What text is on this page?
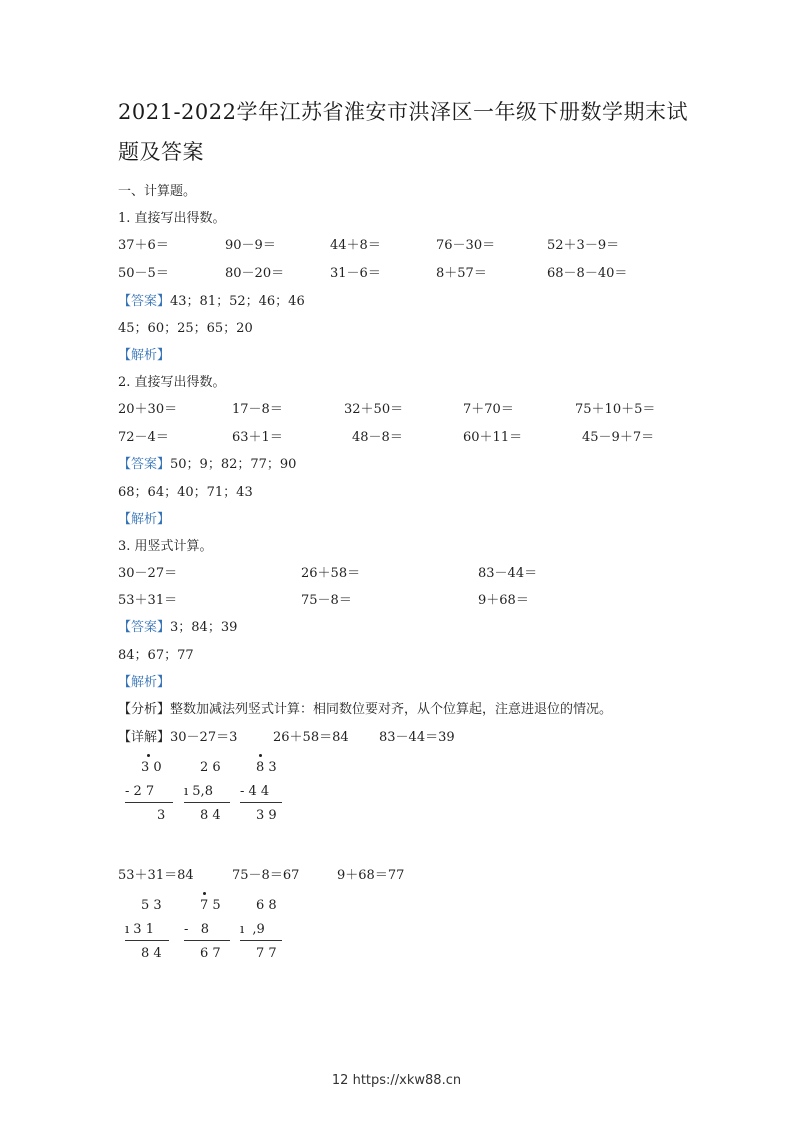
2021-2022学年江苏省淮安市洪泽区一年级下册数学期末试题及答案
一、计算题。
1. 直接写出得数。
37＋6＝	90－9＝	44＋8＝	76－30＝	52＋3－9＝
50－5＝	80－20＝	31－6＝	8＋57＝	68－8－40＝
【答案】43；81；52；46；46
45；60；25；65；20
【解析】
2. 直接写出得数。
20＋30＝	17－8＝	32＋50＝	7＋70＝	75＋10＋5＝
72－4＝	63＋1＝	48－8＝	60＋11＝	45－9＋7＝
【答案】50；9；82；77；90
68；64；40；71；43
【解析】
3. 用竖式计算。
30－27＝	26＋58＝	83－44＝
53＋31＝	75－8＝	9＋68＝
【答案】3；84；39
84；67；77
【解析】
【分析】整数加减法列竖式计算：相同数位要对齐，从个位算起，注意进退位的情况。
【详解】30－27＝3	26＋58＝84 83－44＝39
3 0
- 2 7
3
2 6
ı 5,8
8 4
8 3
- 4 4
3 9
53＋31＝84	75－8＝67	9＋68＝77
5 3
ı 3 1
8 4
7 5
-   8
6 7
6 8
ı  ,9
7 7
12 https://xkw88.cn
